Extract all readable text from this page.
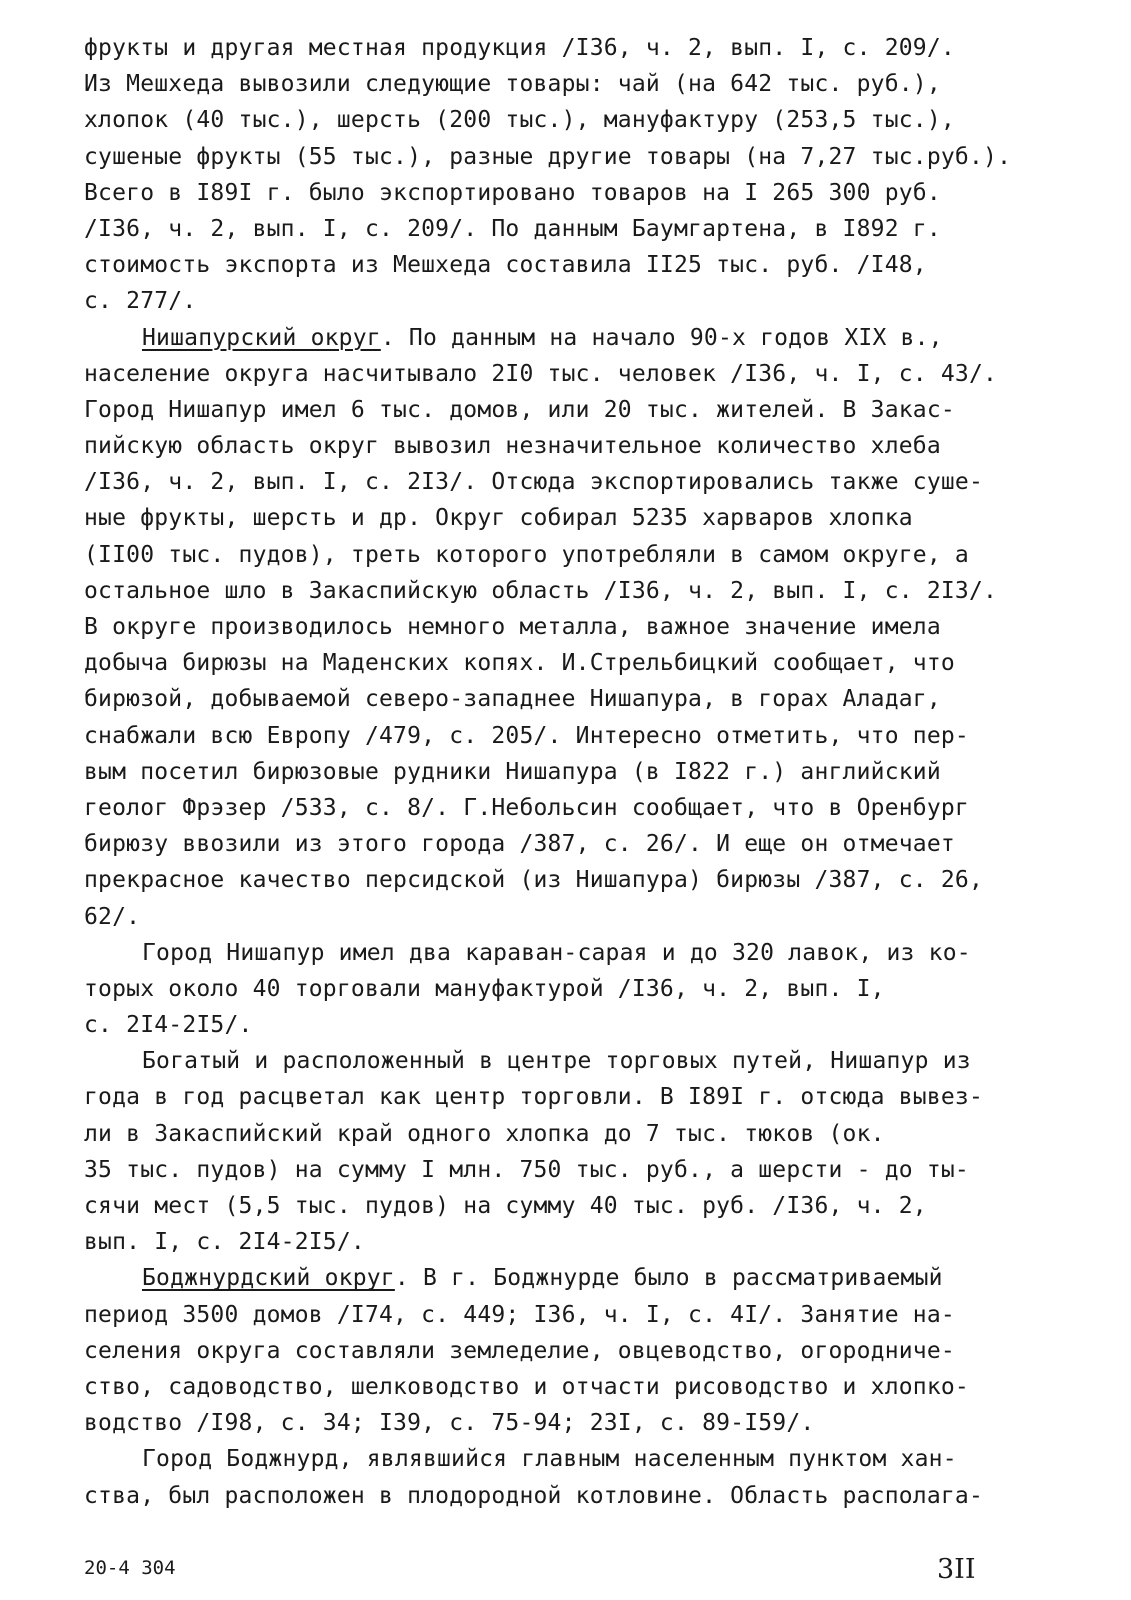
фрукты и другая местная продукция /I36, ч. 2, вып. I, с. 209/.
Из Мешхеда вывозили следующие товары: чай (на 642 тыс. руб.),
хлопок (40 тыс.), шерсть (200 тыс.), мануфактуру (253,5 тыс.),
сушеные фрукты (55 тыс.), разные другие товары (на 7,27 тыс.руб.).
Всего в I89I г. было экспортировано товаров на I 265 300 руб.
/I36, ч. 2, вып. I, с. 209/. По данным Баумгартена, в I892 г.
стоимость экспорта из Мешхеда составила II25 тыс. руб. /I48,
с. 277/.
Нишапурский округ. По данным на начало 90-х годов XIX в.,
население округа насчитывало 2I0 тыс. человек /I36, ч. I, с. 43/.
Город Нишапур имел 6 тыс. домов, или 20 тыс. жителей. В Закас-
пийскую область округ вывозил незначительное количество хлеба
/I36, ч. 2, вып. I, с. 2I3/. Отсюда экспортировались также суше-
ные фрукты, шерсть и др. Округ собирал 5235 харваров хлопка
(II00 тыс. пудов), треть которого употребляли в самом округе, а
остальное шло в Закаспийскую область /I36, ч. 2, вып. I, с. 2I3/.
В округе производилось немного металла, важное значение имела
добыча бирюзы на Маденских копях. И.Стрельбицкий сообщает, что
бирюзой, добываемой северо-западнее Нишапура, в горах Аладаг,
снабжали всю Европу /479, с. 205/. Интересно отметить, что пер-
вым посетил бирюзовые рудники Нишапура (в I822 г.) английский
геолог Фрэзер /533, с. 8/. Г.Небольсин сообщает, что в Оренбург
бирюзу ввозили из этого города /387, с. 26/. И еще он отмечает
прекрасное качество персидской (из Нишапура) бирюзы /387, с. 26,
62/.
Город Нишапур имел два караван-сарая и до 320 лавок, из ко-
торых около 40 торговали мануфактурой /I36, ч. 2, вып. I,
с. 2I4-2I5/.
Богатый и расположенный в центре торговых путей, Нишапур из
года в год расцветал как центр торговли. В I89I г. отсюда вывез-
ли в Закаспийский край одного хлопка до 7 тыс. тюков (ок.
35 тыс. пудов) на сумму I млн. 750 тыс. руб., а шерсти - до ты-
сячи мест (5,5 тыс. пудов) на сумму 40 тыс. руб. /I36, ч. 2,
вып. I, с. 2I4-2I5/.
Боджнурдский округ. В г. Боджнурде было в рассматриваемый
период 3500 домов /I74, с. 449; I36, ч. I, с. 4I/. Занятие на-
селения округа составляли земледелие, овцеводство, огородниче-
ство, садоводство, шелководство и отчасти рисоводство и хлопко-
водство /I98, с. 34; I39, с. 75-94; 23I, с. 89-I59/.
Город Боджнурд, являвшийся главным населенным пунктом хан-
ства, был расположен в плодородной котловине. Область располага-
20-4 304	3II
